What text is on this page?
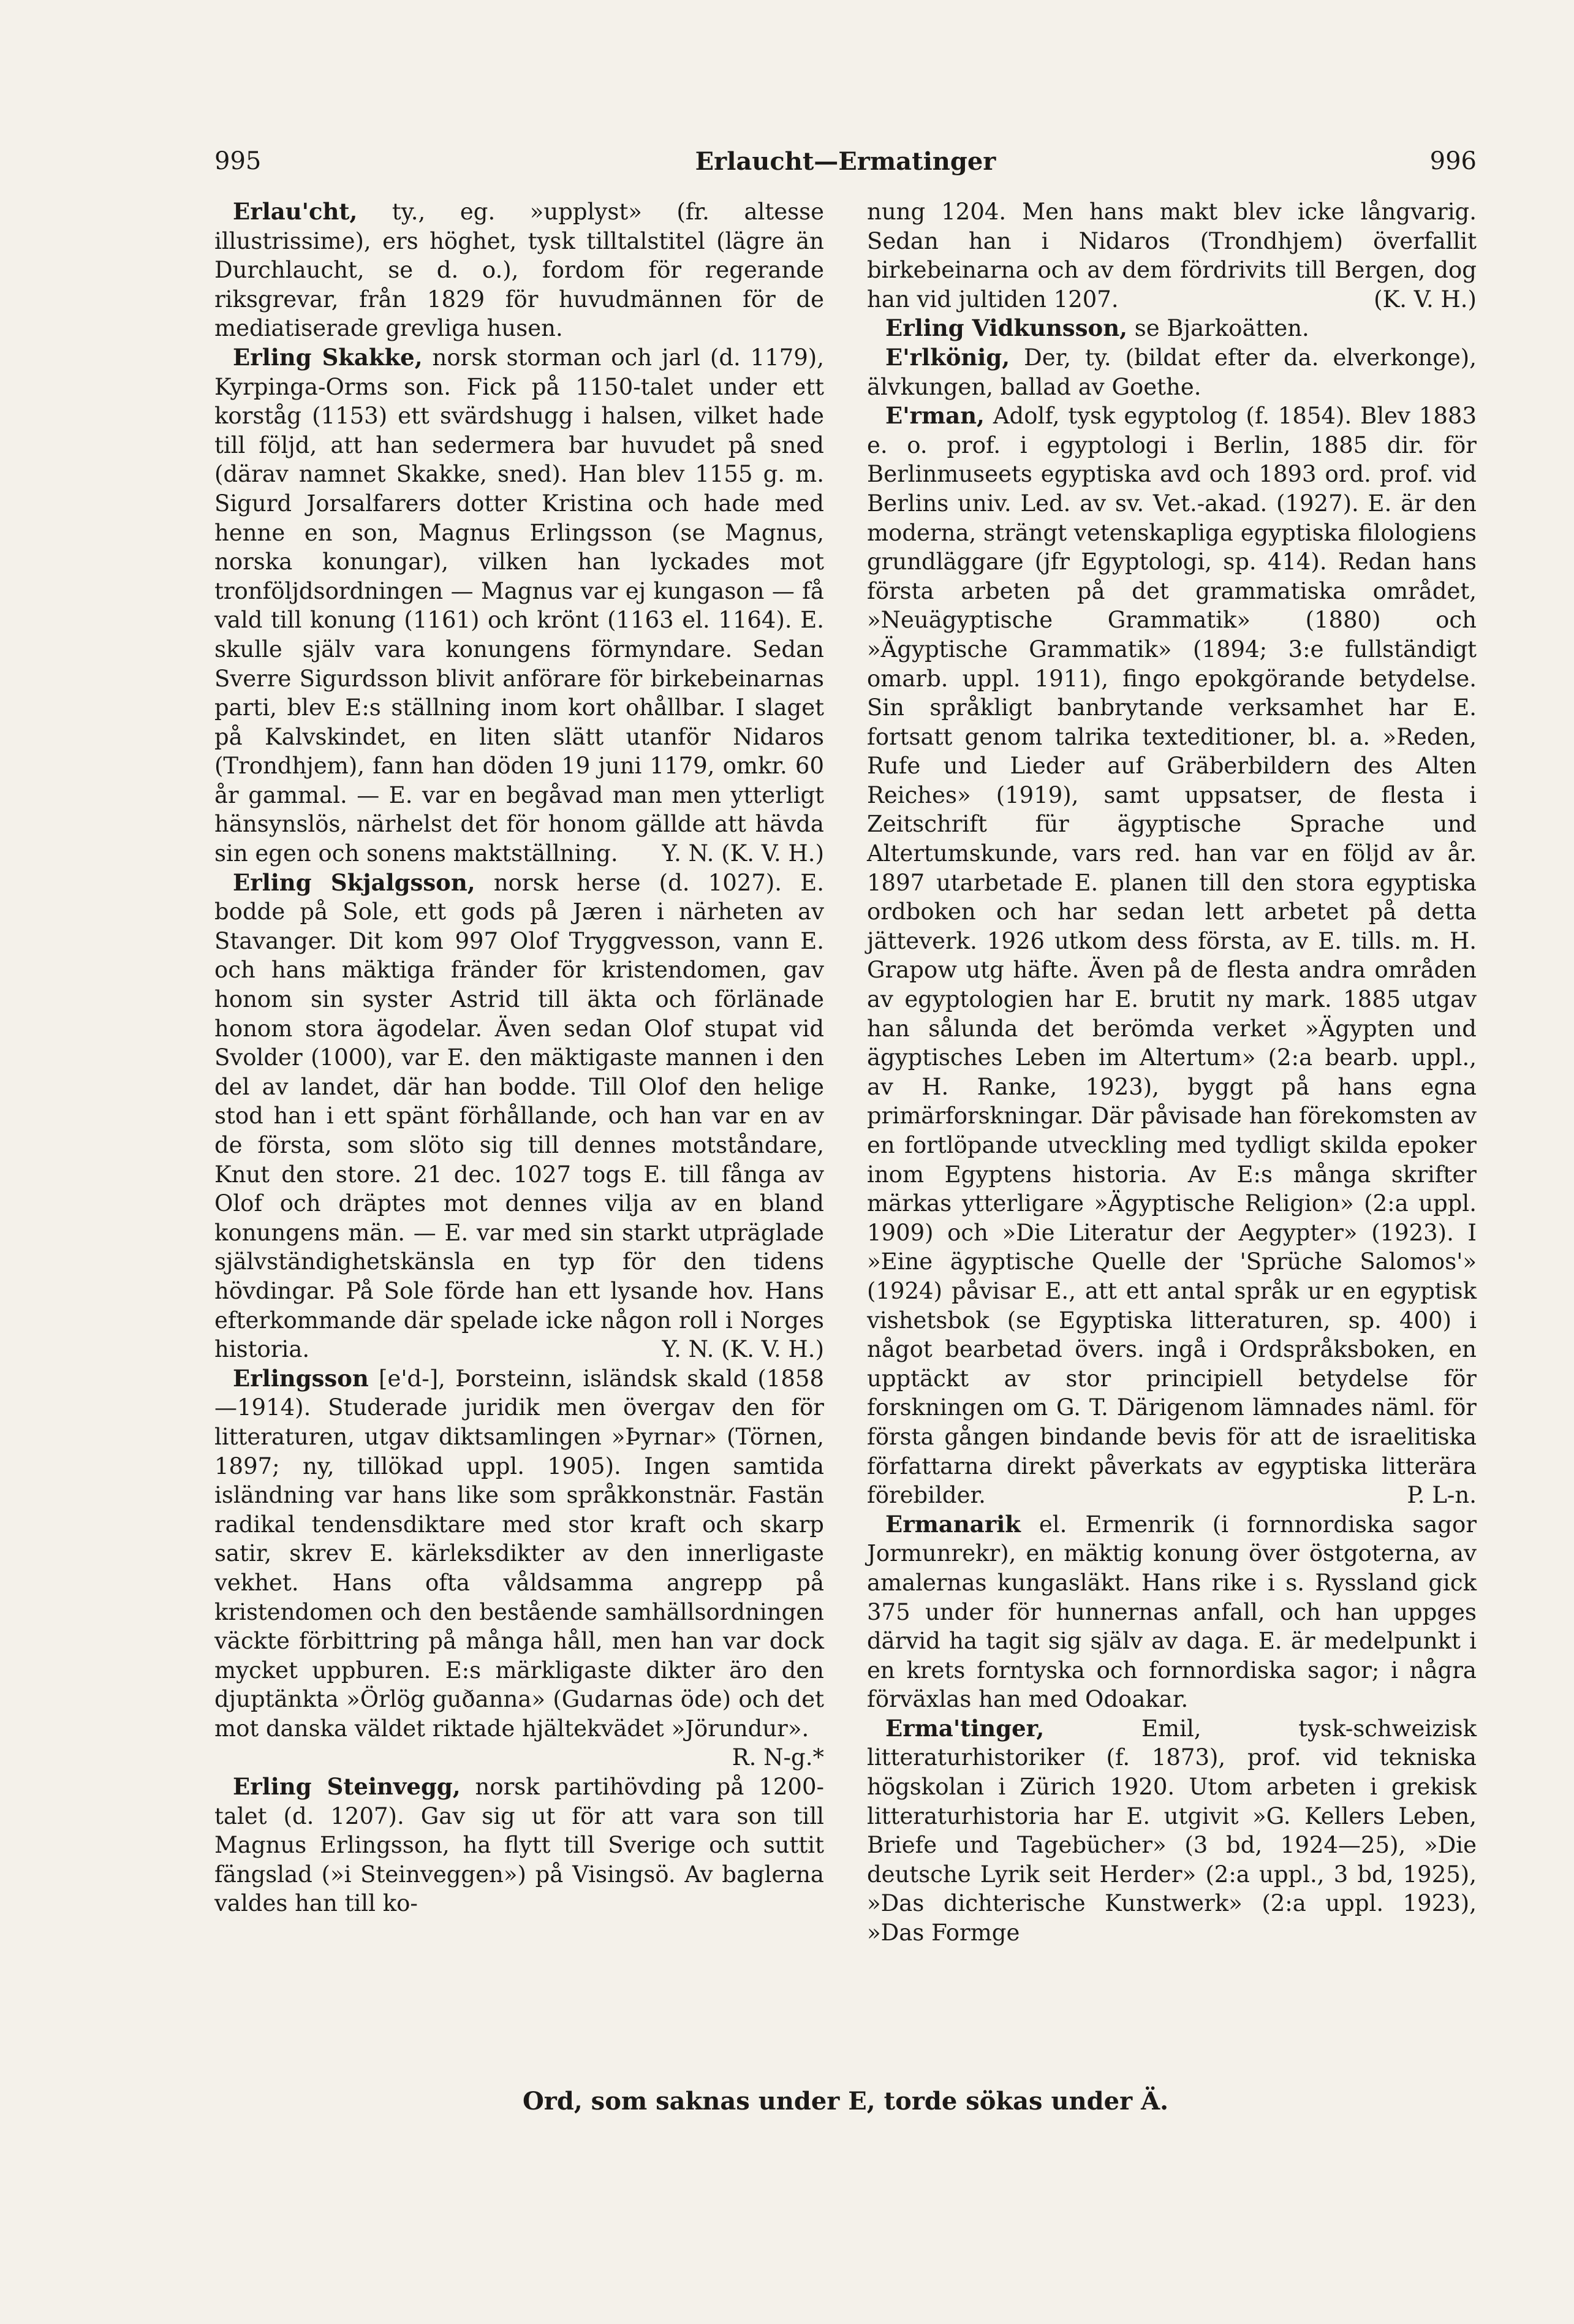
995	Erlaucht—Ermatinger	996

Erlau'cht, ty., eg. »upplyst» (fr. altesse illustrissime), ers höghet, tysk tilltalstitel (lägre än Durchlaucht, se d. o.), fordom för regerande riksgrevar, från 1829 för huvudmännen för de mediatiserade grevliga husen.

Erling Skakke, norsk storman och jarl (d. 1179), Kyrpinga-Orms son. Fick på 1150-talet under ett korståg (1153) ett svärdshugg i halsen, vilket hade till följd, att han sedermera bar huvudet på sned (därav namnet Skakke, sned). Han blev 1155 g. m. Sigurd Jorsalfarers dotter Kristina och hade med henne en son, Magnus Erlingsson (se Magnus, norska konungar), vilken han lyckades mot tronföljdsordningen — Magnus var ej kungason — få vald till konung (1161) och krönt (1163 el. 1164). E. skulle själv vara konungens förmyndare. Sedan Sverre Sigurdsson blivit anförare för birkebeinarnas parti, blev E:s ställning inom kort ohållbar. I slaget på Kalvskindet, en liten slätt utanför Nidaros (Trondhjem), fann han döden 19 juni 1179, omkr. 60 år gammal. — E. var en begåvad man men ytterligt hänsynslös, närhelst det för honom gällde att hävda sin egen och sonens maktställning.	Y. N. (K. V. H.)

Erling Skjalgsson, norsk herse (d. 1027). E. bodde på Sole, ett gods på Jæren i närheten av Stavanger. Dit kom 997 Olof Tryggvesson, vann E. och hans mäktiga fränder för kristendomen, gav honom sin syster Astrid till äkta och förlänade honom stora ägodelar. Även sedan Olof stupat vid Svolder (1000), var E. den mäktigaste mannen i den del av landet, där han bodde. Till Olof den helige stod han i ett spänt förhållande, och han var en av de första, som slöto sig till dennes motståndare, Knut den store. 21 dec. 1027 togs E. till fånga av Olof och dräptes mot dennes vilja av en bland konungens män. — E. var med sin starkt utpräglade självständighetskänsla en typ för den tidens hövdingar. På Sole förde han ett lysande hov. Hans efterkommande där spelade icke någon roll i Norges historia.	Y. N. (K. V. H.)

Erlingsson [e'd-], Þorsteinn, isländsk skald (1858—1914). Studerade juridik men övergav den för litteraturen, utgav diktsamlingen »Þyrnar» (Törnen, 1897; ny, tillökad uppl. 1905). Ingen samtida isländning var hans like som språkkonstnär. Fastän radikal tendensdiktare med stor kraft och skarp satir, skrev E. kärleksdikter av den innerligaste vekhet. Hans ofta våldsamma angrepp på kristendomen och den bestående samhällsordningen väckte förbittring på många håll, men han var dock mycket uppburen. E:s märkligaste dikter äro den djuptänkta »Örlög guðanna» (Gudarnas öde) och det mot danska väldet riktade hjältekvädet »Jörundur».
R. N-g.*

Erling Steinvegg, norsk partihövding på 1200-talet (d. 1207). Gav sig ut för att vara son till Magnus Erlingsson, ha flytt till Sverige och suttit fängslad (»i Steinveggen») på Visingsö. Av baglerna valdes han till ko-

nung 1204. Men hans makt blev icke långvarig. Sedan han i Nidaros (Trondhjem) överfallit birkebeinarna och av dem fördrivits till Bergen, dog han vid jultiden 1207.	(K. V. H.)

Erling Vidkunsson, se Bjarkoätten.

E'rlkönig, Der, ty. (bildat efter da. elverkonge), älvkungen, ballad av Goethe.

E'rman, Adolf, tysk egyptolog (f. 1854). Blev 1883 e. o. prof. i egyptologi i Berlin, 1885 dir. för Berlinmuseets egyptiska avd och 1893 ord. prof. vid Berlins univ. Led. av sv. Vet.-akad. (1927). E. är den moderna, strängt vetenskapliga egyptiska filologiens grundläggare (jfr Egyptologi, sp. 414). Redan hans första arbeten på det grammatiska området, »Neuägyptische Grammatik» (1880) och »Ägyptische Grammatik» (1894; 3:e fullständigt omarb. uppl. 1911), fingo epokgörande betydelse. Sin språkligt banbrytande verksamhet har E. fortsatt genom talrika texteditioner, bl. a. »Reden, Rufe und Lieder auf Gräberbildern des Alten Reiches» (1919), samt uppsatser, de flesta i Zeitschrift für ägyptische Sprache und Altertumskunde, vars red. han var en följd av år. 1897 utarbetade E. planen till den stora egyptiska ordboken och har sedan lett arbetet på detta jätteverk. 1926 utkom dess första, av E. tills. m. H. Grapow utg häfte. Även på de flesta andra områden av egyptologien har E. brutit ny mark. 1885 utgav han sålunda det berömda verket »Ägypten und ägyptisches Leben im Altertum» (2:a bearb. uppl., av H. Ranke, 1923), byggt på hans egna primärforskningar. Där påvisade han förekomsten av en fortlöpande utveckling med tydligt skilda epoker inom Egyptens historia. Av E:s många skrifter märkas ytterligare »Ägyptische Religion» (2:a uppl. 1909) och »Die Literatur der Aegypter» (1923). I »Eine ägyptische Quelle der 'Sprüche Salomos'» (1924) påvisar E., att ett antal språk ur en egyptisk vishetsbok (se Egyptiska litteraturen, sp. 400) i något bearbetad övers. ingå i Ordspråksboken, en upptäckt av stor principiell betydelse för forskningen om G. T. Därigenom lämnades näml. för första gången bindande bevis för att de israelitiska författarna direkt påverkats av egyptiska litterära förebilder.	P. L-n.

Ermanarik el. Ermenrik (i fornnordiska sagor Jormunrekr), en mäktig konung över östgoterna, av amalernas kungasläkt. Hans rike i s. Ryssland gick 375 under för hunnernas anfall, och han uppges därvid ha tagit sig själv av daga. E. är medelpunkt i en krets forntyska och fornnordiska sagor; i några förväxlas han med Odoakar.

Erma'tinger,	Emil, tysk-schweizisk litteraturhistoriker (f. 1873), prof. vid tekniska högskolan i Zürich 1920. Utom arbeten i grekisk litteraturhistoria har E. utgivit »G. Kellers Leben, Briefe und Tagebücher» (3 bd, 1924—25), »Die deutsche Lyrik seit Herder» (2:a uppl., 3 bd, 1925), »Das dichterische Kunstwerk» (2:a uppl. 1923), »Das Formge

Ord, som saknas under E, torde sökas under Ä.
